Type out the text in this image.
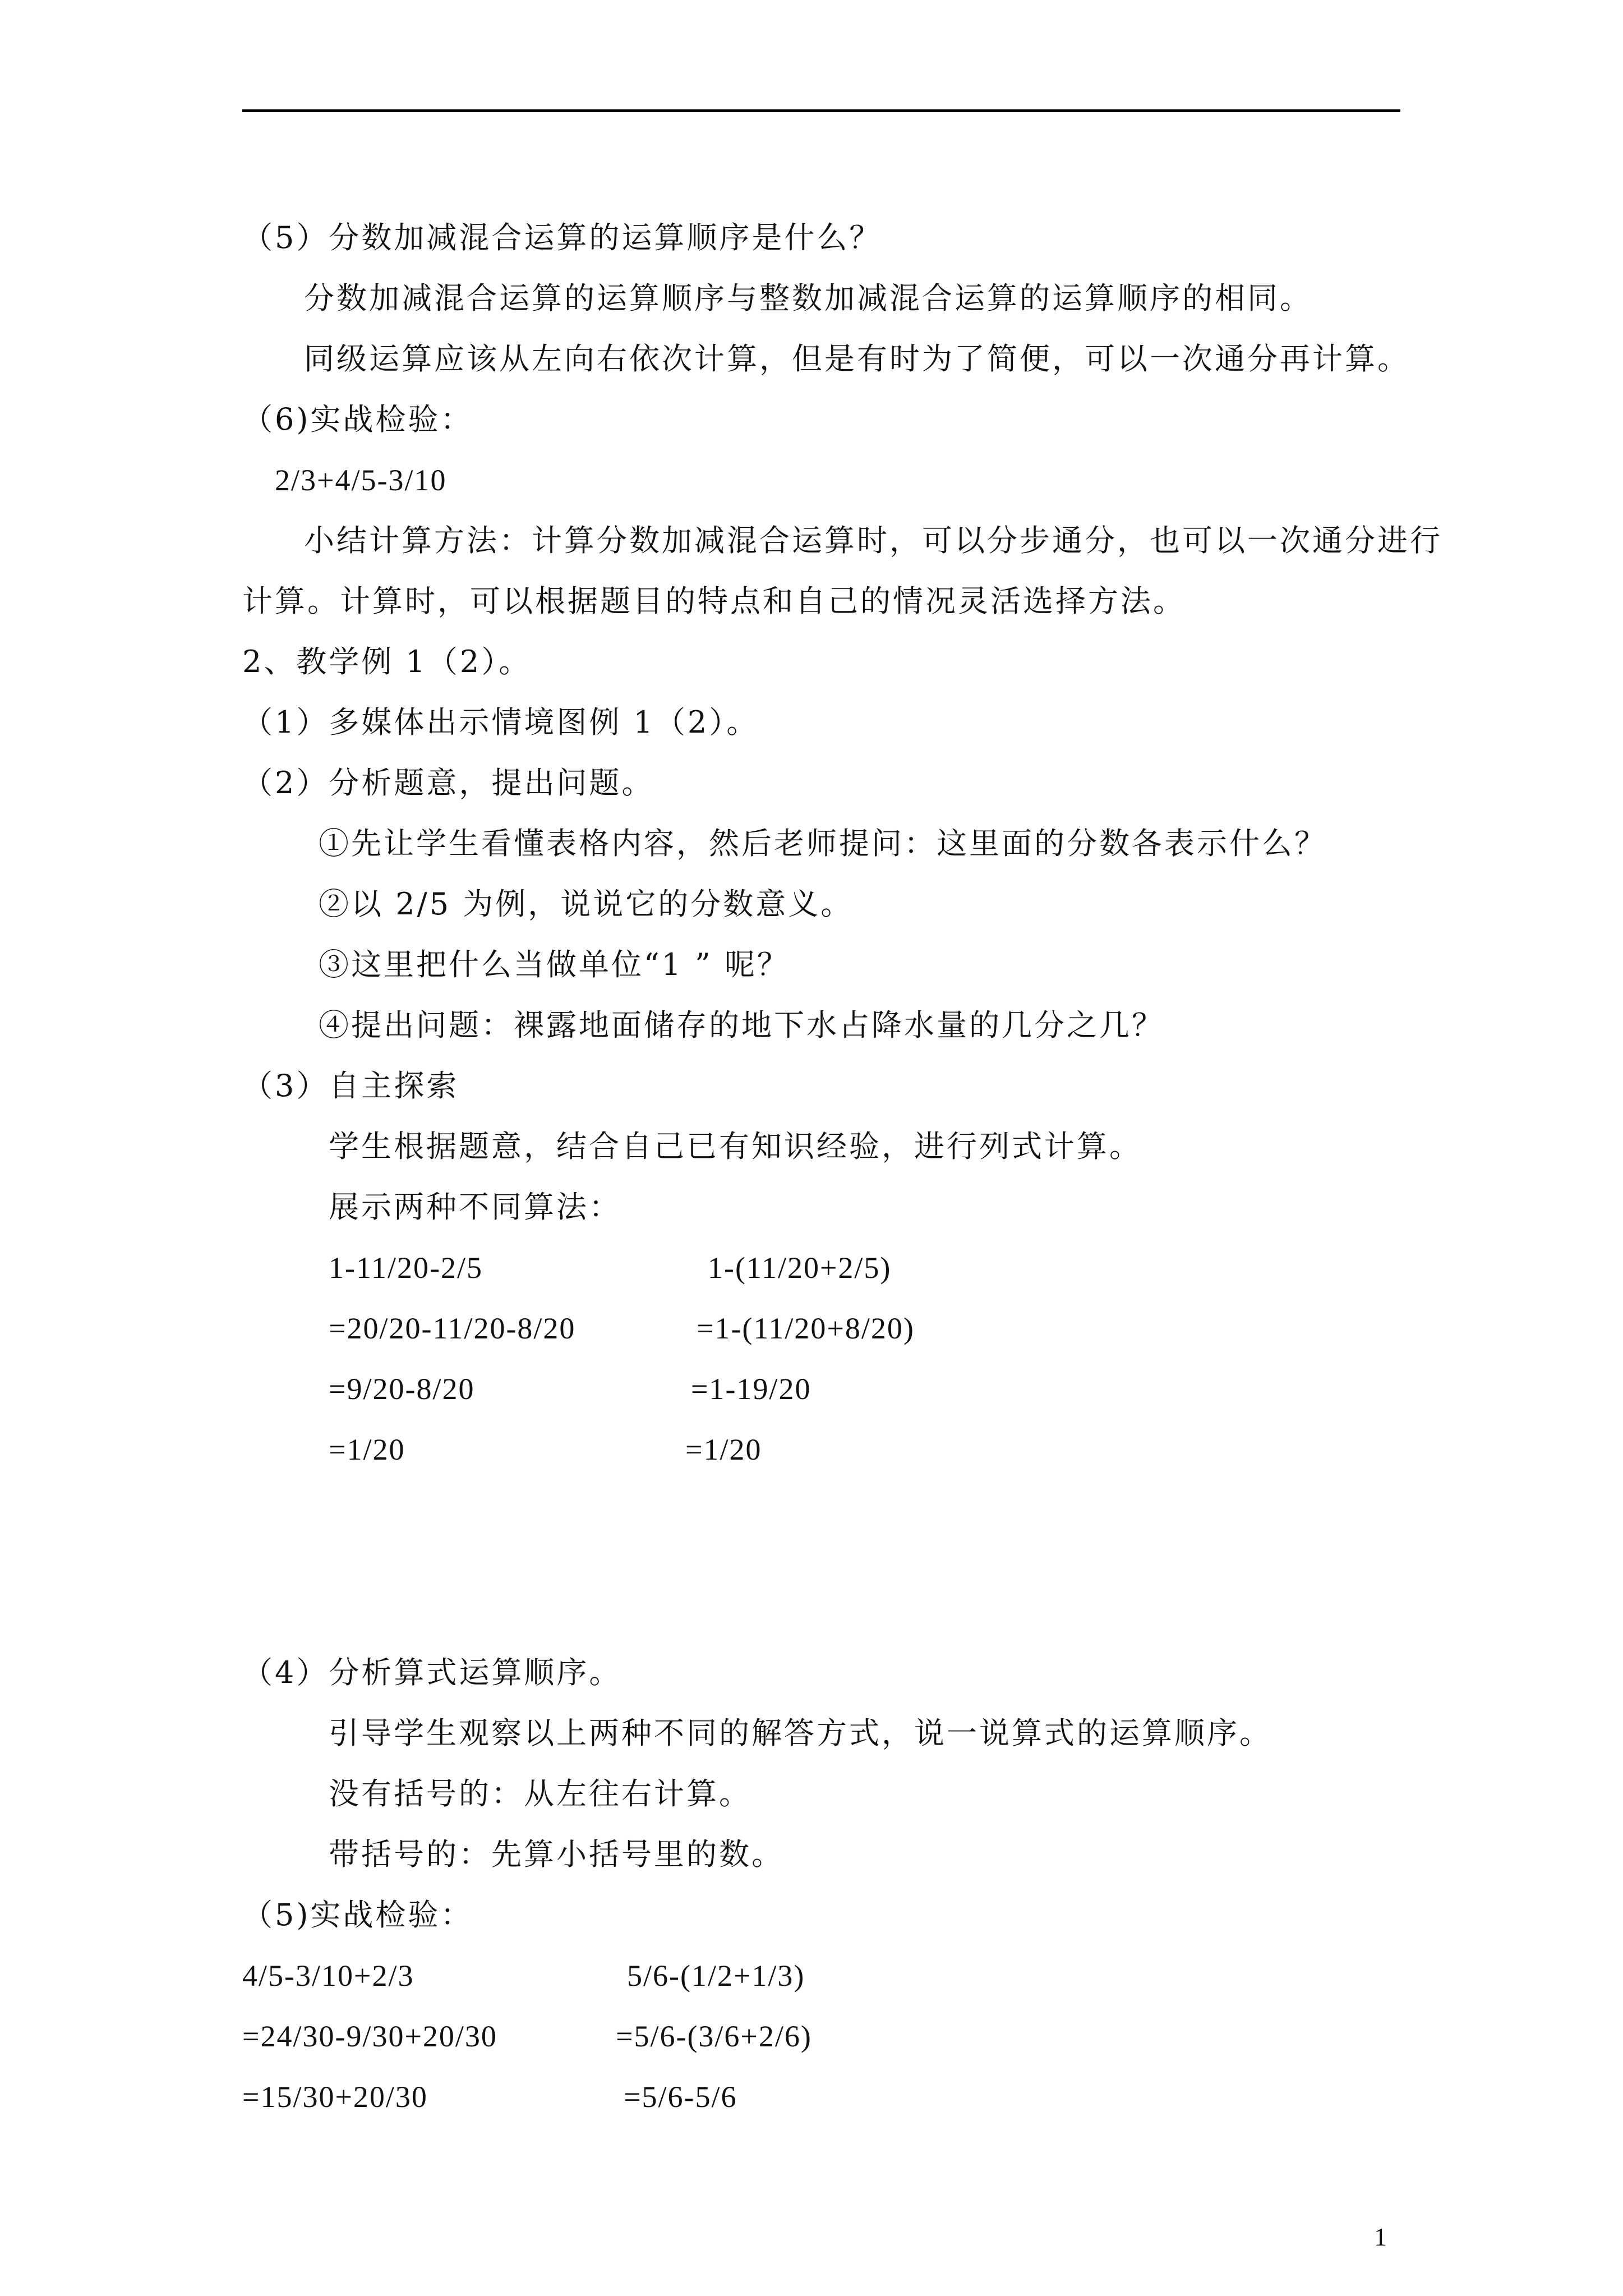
（5）分数加减混合运算的运算顺序是什么？
分数加减混合运算的运算顺序与整数加减混合运算的运算顺序的相同。
同级运算应该从左向右依次计算，但是有时为了简便，可以一次通分再计算。
（6)实战检验：
2/3+4/5-3/10
小结计算方法：计算分数加减混合运算时，可以分步通分，也可以一次通分进行
计算。计算时，可以根据题目的特点和自己的情况灵活选择方法。
2、教学例 1（2）。
（1）多媒体出示情境图例 1（2）。
（2）分析题意，提出问题。
①先让学生看懂表格内容，然后老师提问：这里面的分数各表示什么？
②以 2/5 为例，说说它的分数意义。
③这里把什么当做单位“1 ” 呢？
④提出问题：裸露地面储存的地下水占降水量的几分之几？
（3）自主探索
学生根据题意，结合自己已有知识经验，进行列式计算。
展示两种不同算法：
1-11/20-2/5	1-(11/20+2/5)
=20/20-11/20-8/20	=1-(11/20+8/20)
=9/20-8/20	=1-19/20
=1/20	=1/20
（4）分析算式运算顺序。
引导学生观察以上两种不同的解答方式，说一说算式的运算顺序。
没有括号的：从左往右计算。
带括号的：先算小括号里的数。
（5)实战检验：
4/5-3/10+2/3	5/6-(1/2+1/3)
=24/30-9/30+20/30	=5/6-(3/6+2/6)
=15/30+20/30	=5/6-5/6
1
